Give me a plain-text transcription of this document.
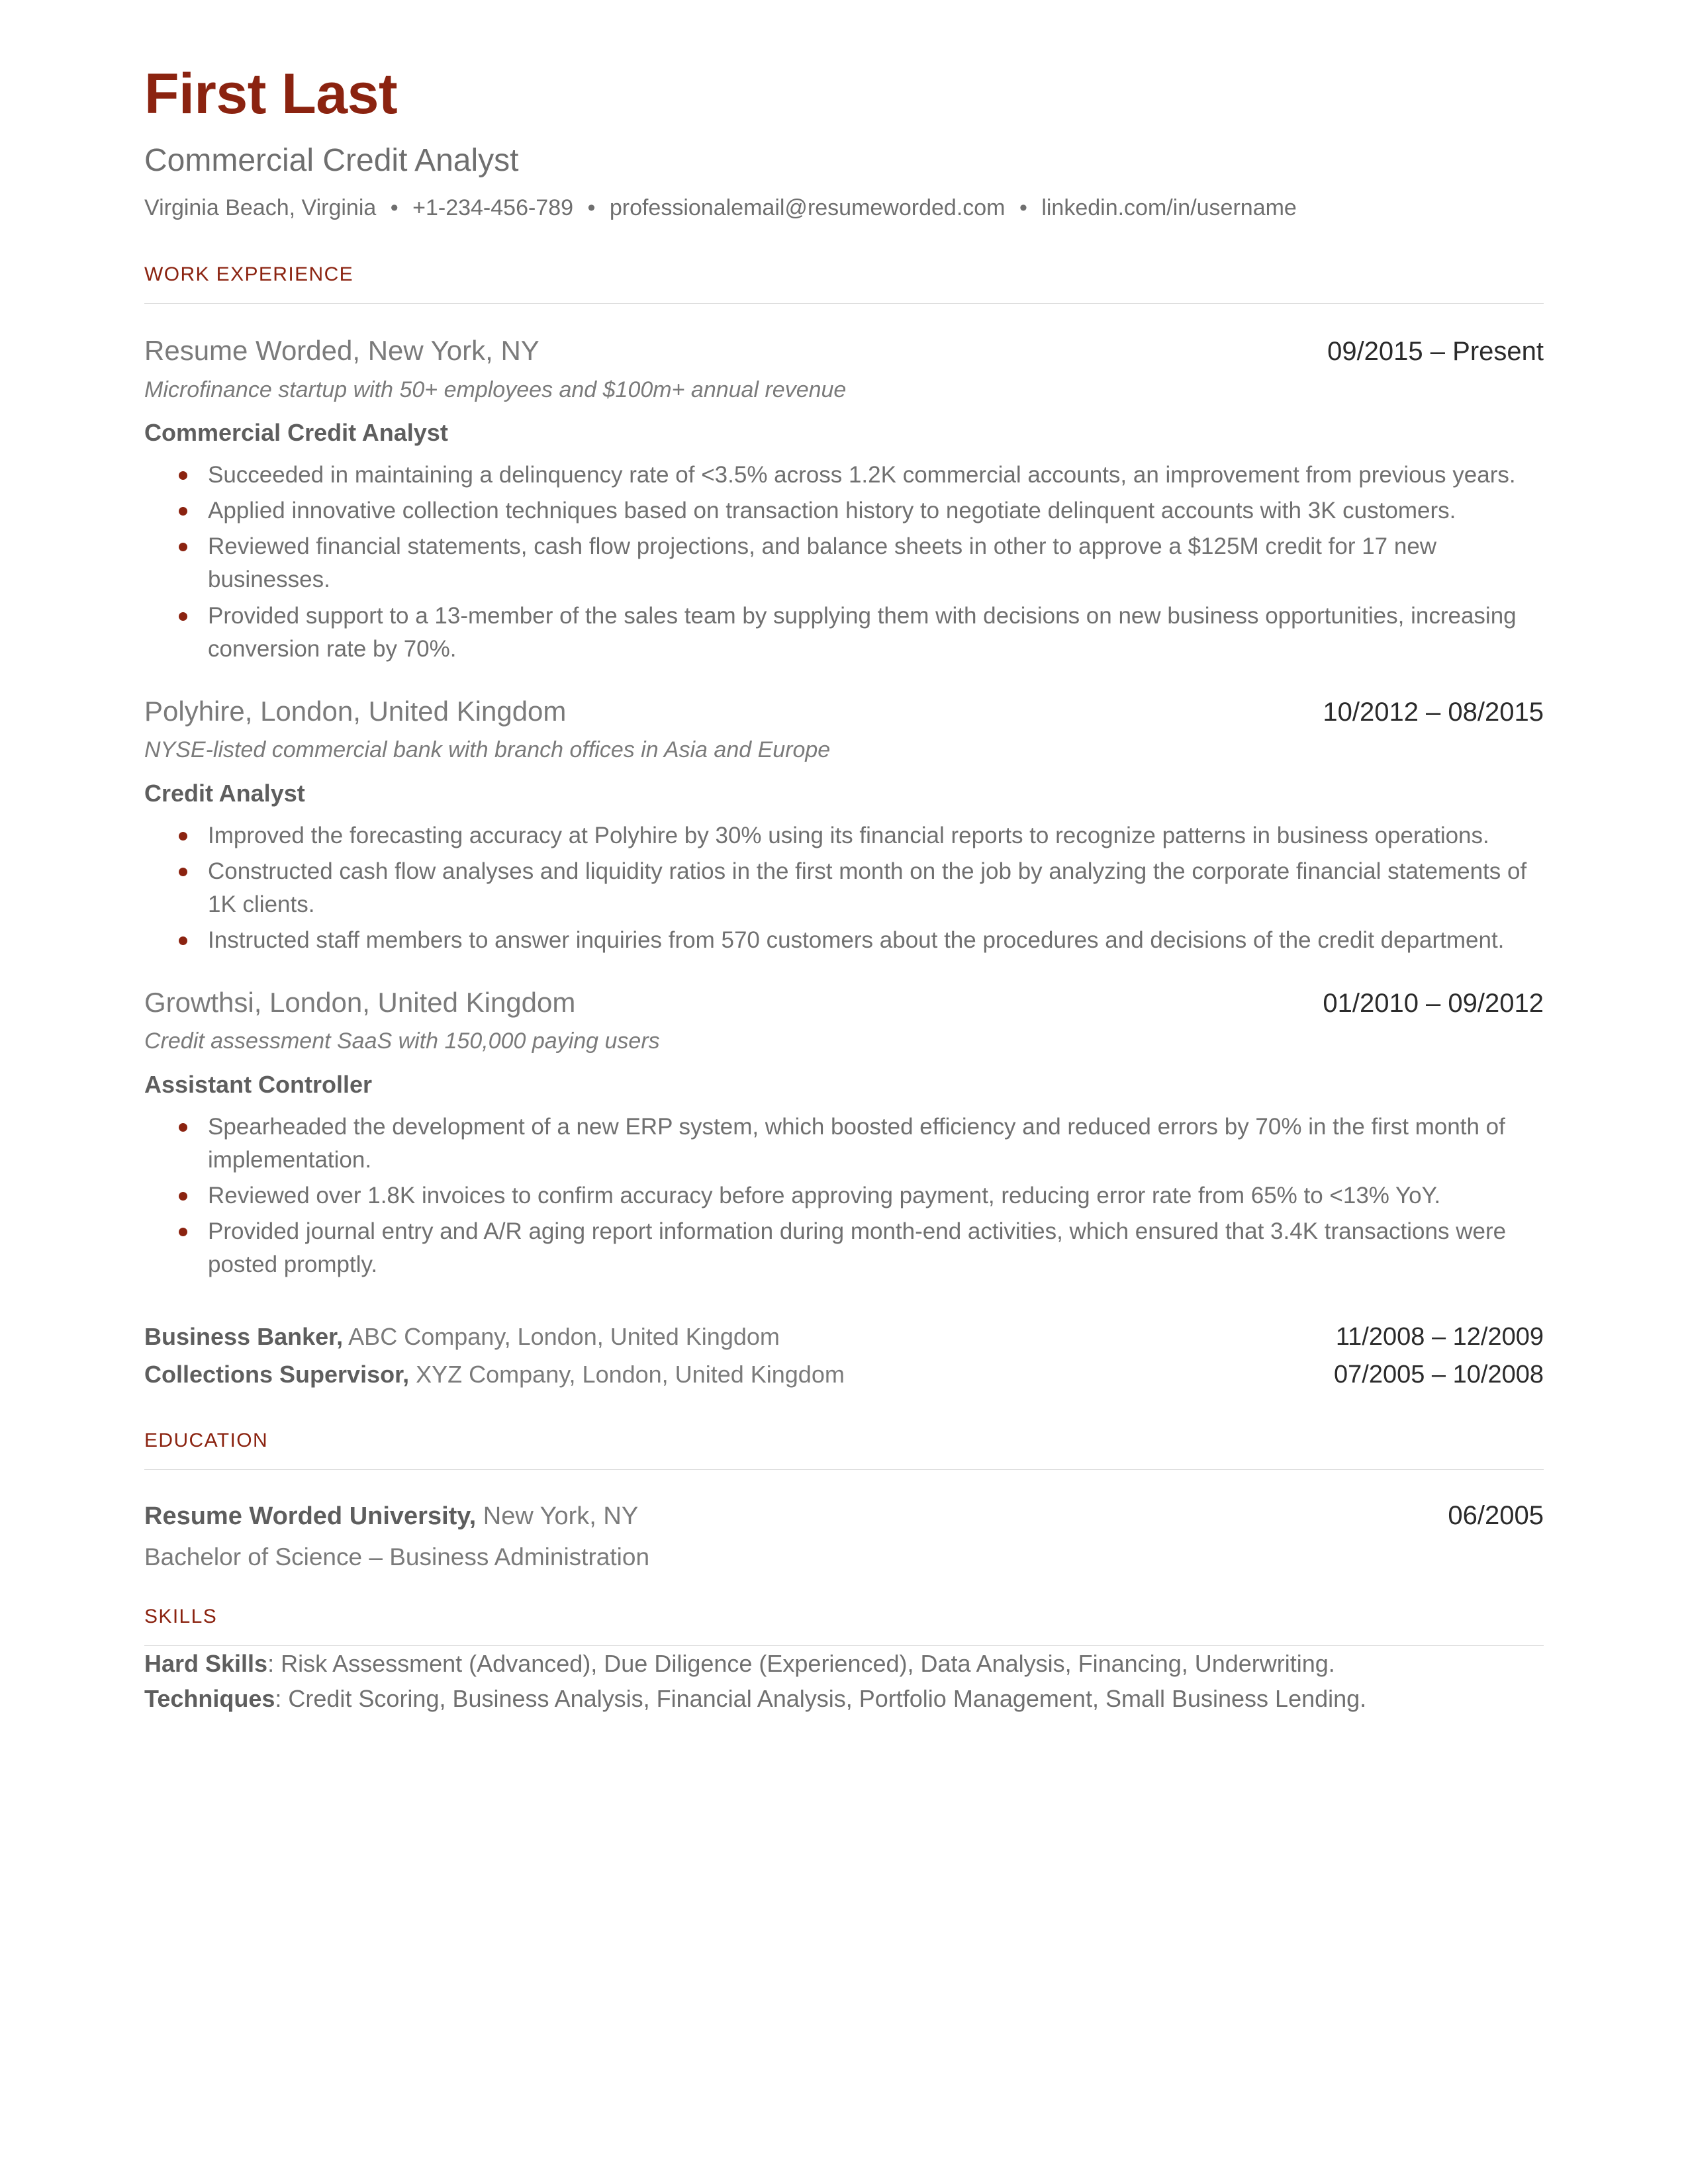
First Last
Commercial Credit Analyst
Virginia Beach, Virginia • +1-234-456-789 • professionalemail@resumeworded.com • linkedin.com/in/username
WORK EXPERIENCE
Resume Worded, New York, NY	09/2015 – Present
Microfinance startup with 50+ employees and $100m+ annual revenue
Commercial Credit Analyst
Succeeded in maintaining a delinquency rate of <3.5% across 1.2K commercial accounts, an improvement from previous years.
Applied innovative collection techniques based on transaction history to negotiate delinquent accounts with 3K customers.
Reviewed financial statements, cash flow projections, and balance sheets in other to approve a $125M credit for 17 new businesses.
Provided support to a 13-member of the sales team by supplying them with decisions on new business opportunities, increasing conversion rate by 70%.
Polyhire, London, United Kingdom	10/2012 – 08/2015
NYSE-listed commercial bank with branch offices in Asia and Europe
Credit Analyst
Improved the forecasting accuracy at Polyhire by 30% using its financial reports to recognize patterns in business operations.
Constructed cash flow analyses and liquidity ratios in the first month on the job by analyzing the corporate financial statements of 1K clients.
Instructed staff members to answer inquiries from 570 customers about the procedures and decisions of the credit department.
Growthsi, London, United Kingdom	01/2010 – 09/2012
Credit assessment SaaS with 150,000 paying users
Assistant Controller
Spearheaded the development of a new ERP system, which boosted efficiency and reduced errors by 70% in the first month of implementation.
Reviewed over 1.8K invoices to confirm accuracy before approving payment, reducing error rate from 65% to <13% YoY.
Provided journal entry and A/R aging report information during month-end activities, which ensured that 3.4K transactions were posted promptly.
Business Banker, ABC Company, London, United Kingdom	11/2008 – 12/2009
Collections Supervisor, XYZ Company, London, United Kingdom	07/2005 – 10/2008
EDUCATION
Resume Worded University, New York, NY	06/2005
Bachelor of Science – Business Administration
SKILLS
Hard Skills: Risk Assessment (Advanced), Due Diligence (Experienced), Data Analysis, Financing, Underwriting.
Techniques: Credit Scoring, Business Analysis, Financial Analysis, Portfolio Management, Small Business Lending.
